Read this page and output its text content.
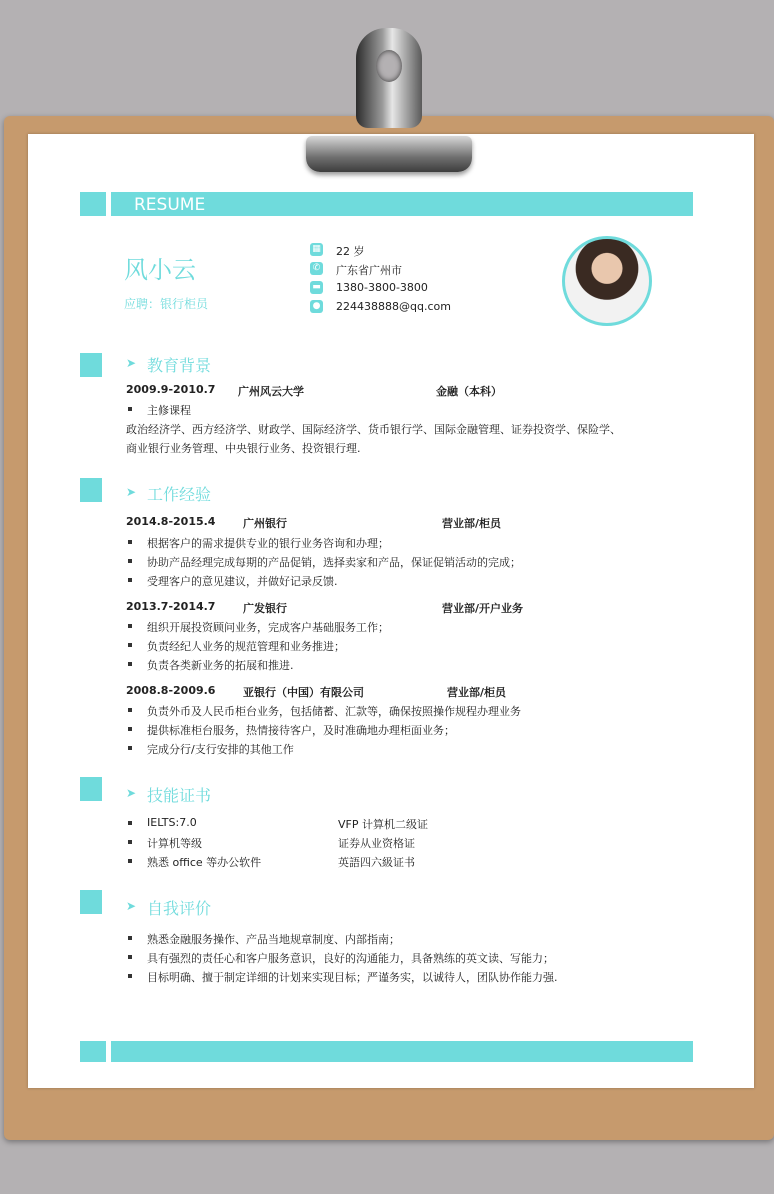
RESUME
风小云
应聘：银行柜员
▦ 22 岁
✆ 广东省广州市
▬ 1380-3800-3800
● 224438888@qq.com
➤ 教育背景
2009.9-2010.7 广州风云大学	金融（本科）
主修课程
政治经济学、西方经济学、财政学、国际经济学、货币银行学、国际金融管理、证券投资学、保险学、
商业银行业务管理、中央银行业务、投资银行理.
➤ 工作经验
2014.8-2015.4	广州银行	营业部/柜员
根据客户的需求提供专业的银行业务咨询和办理；
协助产品经理完成每期的产品促销，选择卖家和产品，保证促销活动的完成；
受理客户的意见建议，并做好记录反馈.
2013.7-2014.7	广发银行	营业部/开户业务
组织开展投资顾问业务，完成客户基础服务工作；
负责经纪人业务的规范管理和业务推进；
负责各类新业务的拓展和推进.
2008.8-2009.6	亚银行（中国）有限公司	营业部/柜员
负责外币及人民币柜台业务，包括储蓄、汇款等，确保按照操作规程办理业务
提供标准柜台服务，热情接待客户，及时准确地办理柜面业务；
完成分行/支行安排的其他工作
➤ 技能证书
IELTS:7.0	VFP 计算机二级证
计算机等级	证券从业资格证
熟悉 office 等办公软件	英語四六級证书
➤ 自我评价
熟悉金融服务操作、产品当地规章制度、内部指南；
具有强烈的责任心和客户服务意识，良好的沟通能力，具备熟练的英文读、写能力；
目标明确、擅于制定详细的计划来实现目标；严谨务实，以诚待人，团队协作能力强.
